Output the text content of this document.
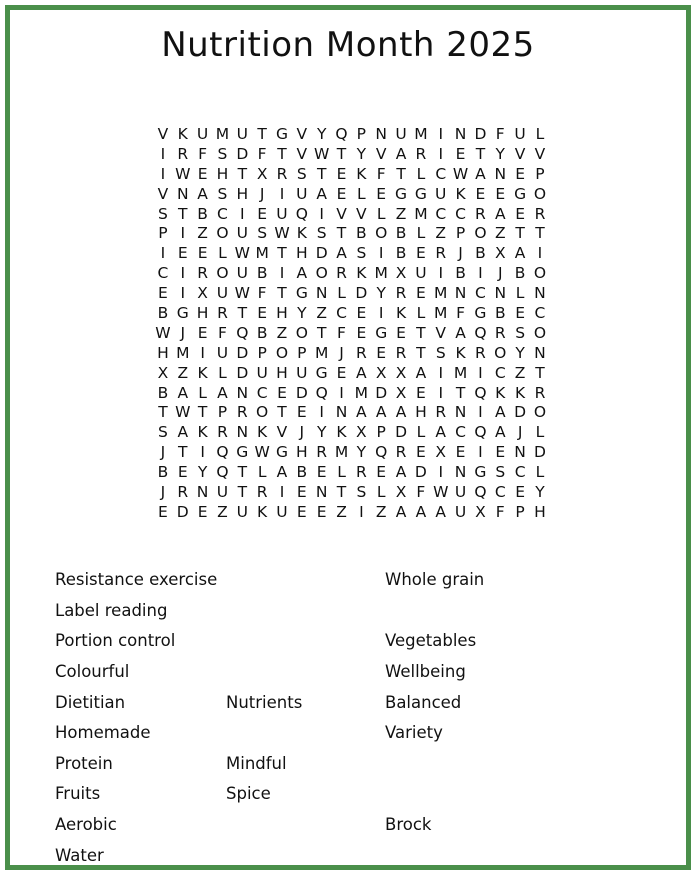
Nutrition Month 2025
V K U M U T G V Y Q P N U M I N D F U L
I R F S D F T V W T Y V A R I E T Y V V
I W E H T X R S T E K F T L C W A N E P
V N A S H J I U A E L E G G U K E E G O
S T B C I E U Q I V V L Z M C C R A E R
P I Z O U S W K S T B O B L Z P O Z T T
I E E L W M T H D A S I B E R J B X A I
C I R O U B I A O R K M X U I B I J B O
E I X U W F T G N L D Y R E M N C N L N
B G H R T E H Y Z C E I K L M F G B E C
W J E F Q B Z O T F E G E T V A Q R S O
H M I U D P O P M J R E R T S K R O Y N
X Z K L D U H U G E A X X A I M I C Z T
B A L A N C E D Q I M D X E I T Q K K R
T W T P R O T E I N A A A H R N I A D O
S A K R N K V J Y K X P D L A C Q A J L
J T I Q G W G H R M Y Q R E X E I E N D
B E Y Q T L A B E L R E A D I N G S C L
J R N U T R I E N T S L X F W U Q C E Y
E D E Z U K U E E Z I Z A A A U X F P H
Resistance exercise
Label reading
Portion control
Colourful
Dietitian
Homemade
Protein
Fruits
Aerobic
Water
Nutrients
Mindful
Spice
Whole grain
Vegetables
Wellbeing
Balanced
Variety
Brock
